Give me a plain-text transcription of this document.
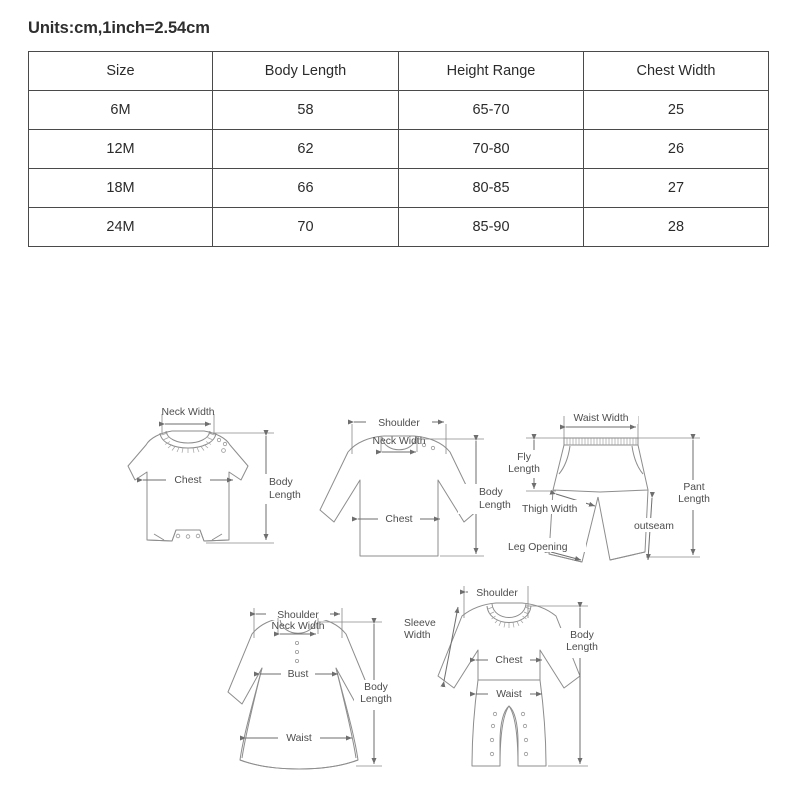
Units:cm,1inch=2.54cm
Size	Body Length	Height Range	Chest Width
6M	58	65-70	25
12M	62	70-80	26
18M	66	80-85	27
24M	70	85-90	28
Neck Width
Chest	Body
Length
Shoulder
Neck Width
Chest
Body
Length
Waist Width
Fly
Length
Pant
Length
Thigh Width
Leg Opening
outseam
Shoulder
Neck Width
Bust
Waist
Body
Length
Shoulder
Sleeve
Width
Chest
Waist
Body
Length
